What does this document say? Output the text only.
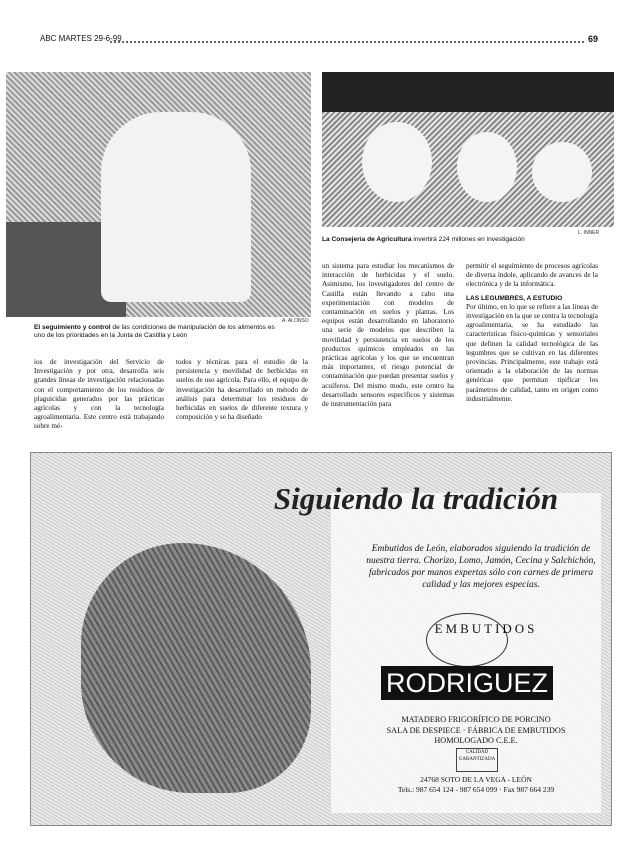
ABC MARTES 29-6-99	69
A. ALONSO
El seguimiento y control de las condiciones de manipulación de los alimentos es uno de los prioridades en la Junta de Castilla y León
La Consejería de Agricultura invertirá 224 millones en investigación
L. INNER

ios de investigación del Servicio de Investigación y por otra, desarrolla seis grandes líneas de investigación relacionadas con el comportamiento de los residuos de plaguicidas generados por las prácticas agrícolas y con la tecnología agroalimentaria. Este centro está trabajando sobre mé-

todos y técnicas para el estudio de la persistencia y movilidad de herbicidas en suelos de uso agrícola. Para ello, el equipo de investigación ha desarrollado un método de análisis para determinar los residuos de herbicidas en suelos de diferente textura y composición y se ha diseñado

un sistema para estudiar los mecanismos de interacción de herbicidas y el suelo. Asimismo, los investigadores del centro de Castilla están llevando a cabo una experimentación con modelos de contaminación en suelos y plantas. Los equipos están desarrollando en laboratorio una serie de modelos que describen la movilidad y persistencia en suelos de los productos químicos empleados en las prácticas agrícolas y los que se encuentran más importantes, el riesgo potencial de contaminación que puedan presentar suelos y acuíferos. Del mismo modo, este centro ha desarrollado sensores específicos y sistemas de instrumentación para

permitir el seguimiento de procesos agrícolas de diversa índole, aplicando de avances de la electrónica y de la informática.

LAS LEGUMBRES, A ESTUDIO

Por último, en lo que se refiere a las líneas de investigación en la que se centra la tecnología agroalimentaria, se ha estudiado las características físico-químicas y sensoriales que definen la calidad tecnológica de las legumbres que se cultivan en las diferentes provincias. Principalmente, este trabajo está orientado a la elaboración de las normas genéricas que permitan tipificar los parámetros de calidad, tanto en origen como industrialmente.

Siguiendo la tradición
Embutidos de León, elaborados siguiendo la tradición de nuestra tierra. Chorizo, Lomo, Jamón, Cecina y Salchichón, fabricados por manos expertas sólo con carnes de primera calidad y las mejores especias.
EMBUTIDOS
RODRIGUEZ
MATADERO FRIGORÍFICO DE PORCINO
SALA DE DESPIECE · FÁBRICA DE EMBUTIDOS
HOMOLOGADO C.E.E.
CALIDAD GARANTIZADA
24768 SOTO DE LA VEGA - LEÓN
Tels.: 987 654 124 - 987 654 099 · Fax 987 664 239
